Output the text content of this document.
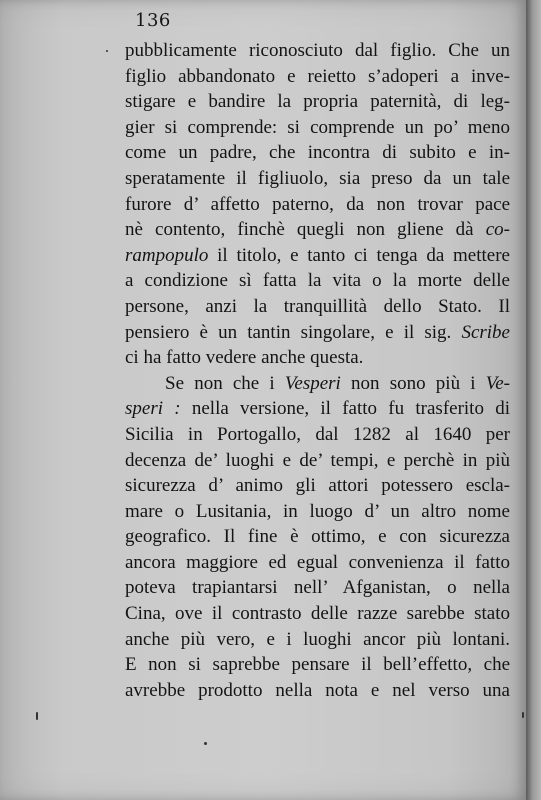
136
pubblicamente riconosciuto dal figlio. Che un
figlio abbandonato e reietto s’adoperi a inve-
stigare e bandire la propria paternità, di leg-
gier si comprende: si comprende un po’ meno
come un padre, che incontra di subito e in-
speratamente il figliuolo, sia preso da un tale
furore d’ affetto paterno, da non trovar pace
nè contento, finchè quegli non gliene dà co-
rampopulo il titolo, e tanto ci tenga da mettere
a condizione sì fatta la vita o la morte delle
persone, anzi la tranquillità dello Stato. Il
pensiero è un tantin singolare, e il sig. Scribe
ci ha fatto vedere anche questa.
Se non che i Vesperi non sono più i Ve-
speri : nella versione, il fatto fu trasferito di
Sicilia in Portogallo, dal 1282 al 1640 per
decenza de’ luoghi e de’ tempi, e perchè in più
sicurezza d’ animo gli attori potessero escla-
mare o Lusitania, in luogo d’ un altro nome
geografico. Il fine è ottimo, e con sicurezza
ancora maggiore ed egual convenienza il fatto
poteva trapiantarsi nell’ Afganistan, o nella
Cina, ove il contrasto delle razze sarebbe stato
anche più vero, e i luoghi ancor più lontani.
E non si saprebbe pensare il bell’effetto, che
avrebbe prodotto nella nota e nel verso una
